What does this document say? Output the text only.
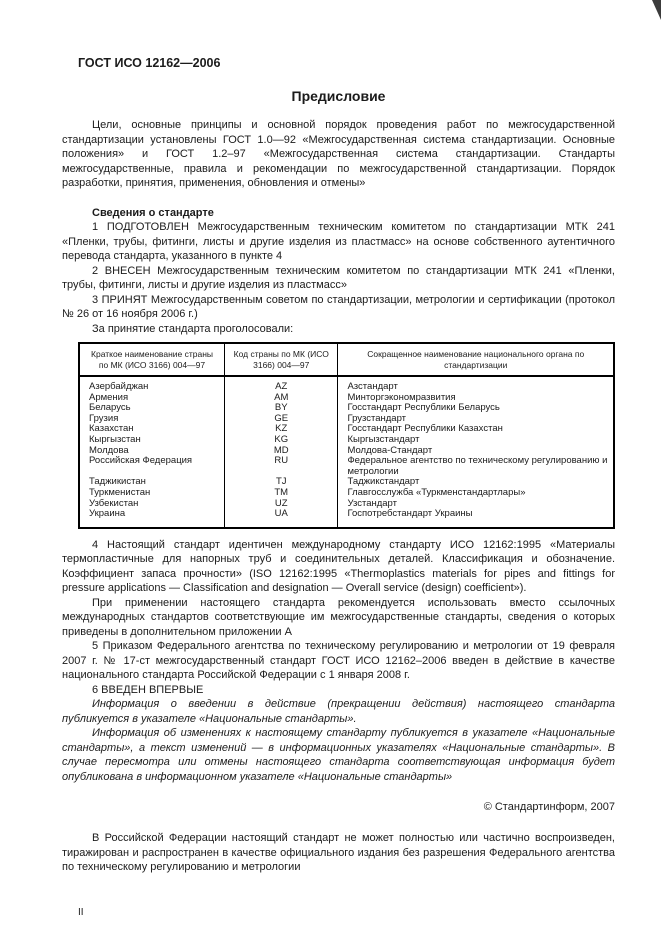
ГОСТ ИСО 12162—2006
Предисловие

Цели, основные принципы и основной порядок проведения работ по межгосударственной стандартизации установлены ГОСТ 1.0—92 «Межгосударственная система стандартизации. Основные положения» и ГОСТ 1.2–97 «Межгосударственная система стандартизации. Стандарты межгосударственные, правила и рекомендации по межгосударственной стандартизации. Порядок разработки, принятия, применения, обновления и отмены»

Сведения о стандарте

1 ПОДГОТОВЛЕН Межгосударственным техническим комитетом по стандартизации МТК 241 «Пленки, трубы, фитинги, листы и другие изделия из пластмасс» на основе собственного аутентичного перевода стандарта, указанного в пункте 4

2 ВНЕСЕН Межгосударственным техническим комитетом по стандартизации МТК 241 «Пленки, трубы, фитинги, листы и другие изделия из пластмасс»

3 ПРИНЯТ Межгосударственным советом по стандартизации, метрологии и сертификации (протокол № 26 от 16 ноября 2006 г.)

За принятие стандарта проголосовали:

Краткое наименование страны по МК (ИСО 3166) 004—97	Код страны по МК (ИСО 3166) 004—97	Сокращенное наименование национального органа по стандартизации
Азербайджан	AZ	Азстандарт
Армения	AM	Минторгэкономразвития
Беларусь	BY	Госстандарт Республики Беларусь
Грузия	GE	Грузстандарт
Казахстан	KZ	Госстандарт Республики Казахстан
Кыргызстан	KG	Кыргызстандарт
Молдова	MD	Молдова-Стандарт
Российская Федерация	RU	Федеральное агентство по техническому регулированию и метрологии
Таджикистан	TJ	Таджикстандарт
Туркменистан	TM	Главгосслужба «Туркменстандартлары»
Узбекистан	UZ	Узстандарт
Украина	UA	Госпотребстандарт Украины

4 Настоящий стандарт идентичен международному стандарту ИСО 12162:1995 «Материалы термопластичные для напорных труб и соединительных деталей. Классификация и обозначение. Коэффициент запаса прочности» (ISO 12162:1995 «Thermoplastics materials for pipes and fittings for pressure applications — Classification and designation — Overall service (design) coefficient»).

При применении настоящего стандарта рекомендуется использовать вместо ссылочных международных стандартов соответствующие им межгосударственные стандарты, сведения о которых приведены в дополнительном приложении А

5 Приказом Федерального агентства по техническому регулированию и метрологии от 19 февраля 2007 г. № 17-ст межгосударственный стандарт ГОСТ ИСО 12162–2006 введен в действие в качестве национального стандарта Российской Федерации с 1 января 2008 г.

6 ВВЕДЕН ВПЕРВЫЕ

Информация о введении в действие (прекращении действия) настоящего стандарта публикуется в указателе «Национальные стандарты».

Информация об изменениях к настоящему стандарту публикуется в указателе «Национальные стандарты», а текст изменений — в информационных указателях «Национальные стандарты». В случае пересмотра или отмены настоящего стандарта соответствующая информация будет опубликована в информационном указателе «Национальные стандарты»

© Стандартинформ, 2007

В Российской Федерации настоящий стандарт не может полностью или частично воспроизведен, тиражирован и распространен в качестве официального издания без разрешения Федерального агентства по техническому регулированию и метрологии

II
